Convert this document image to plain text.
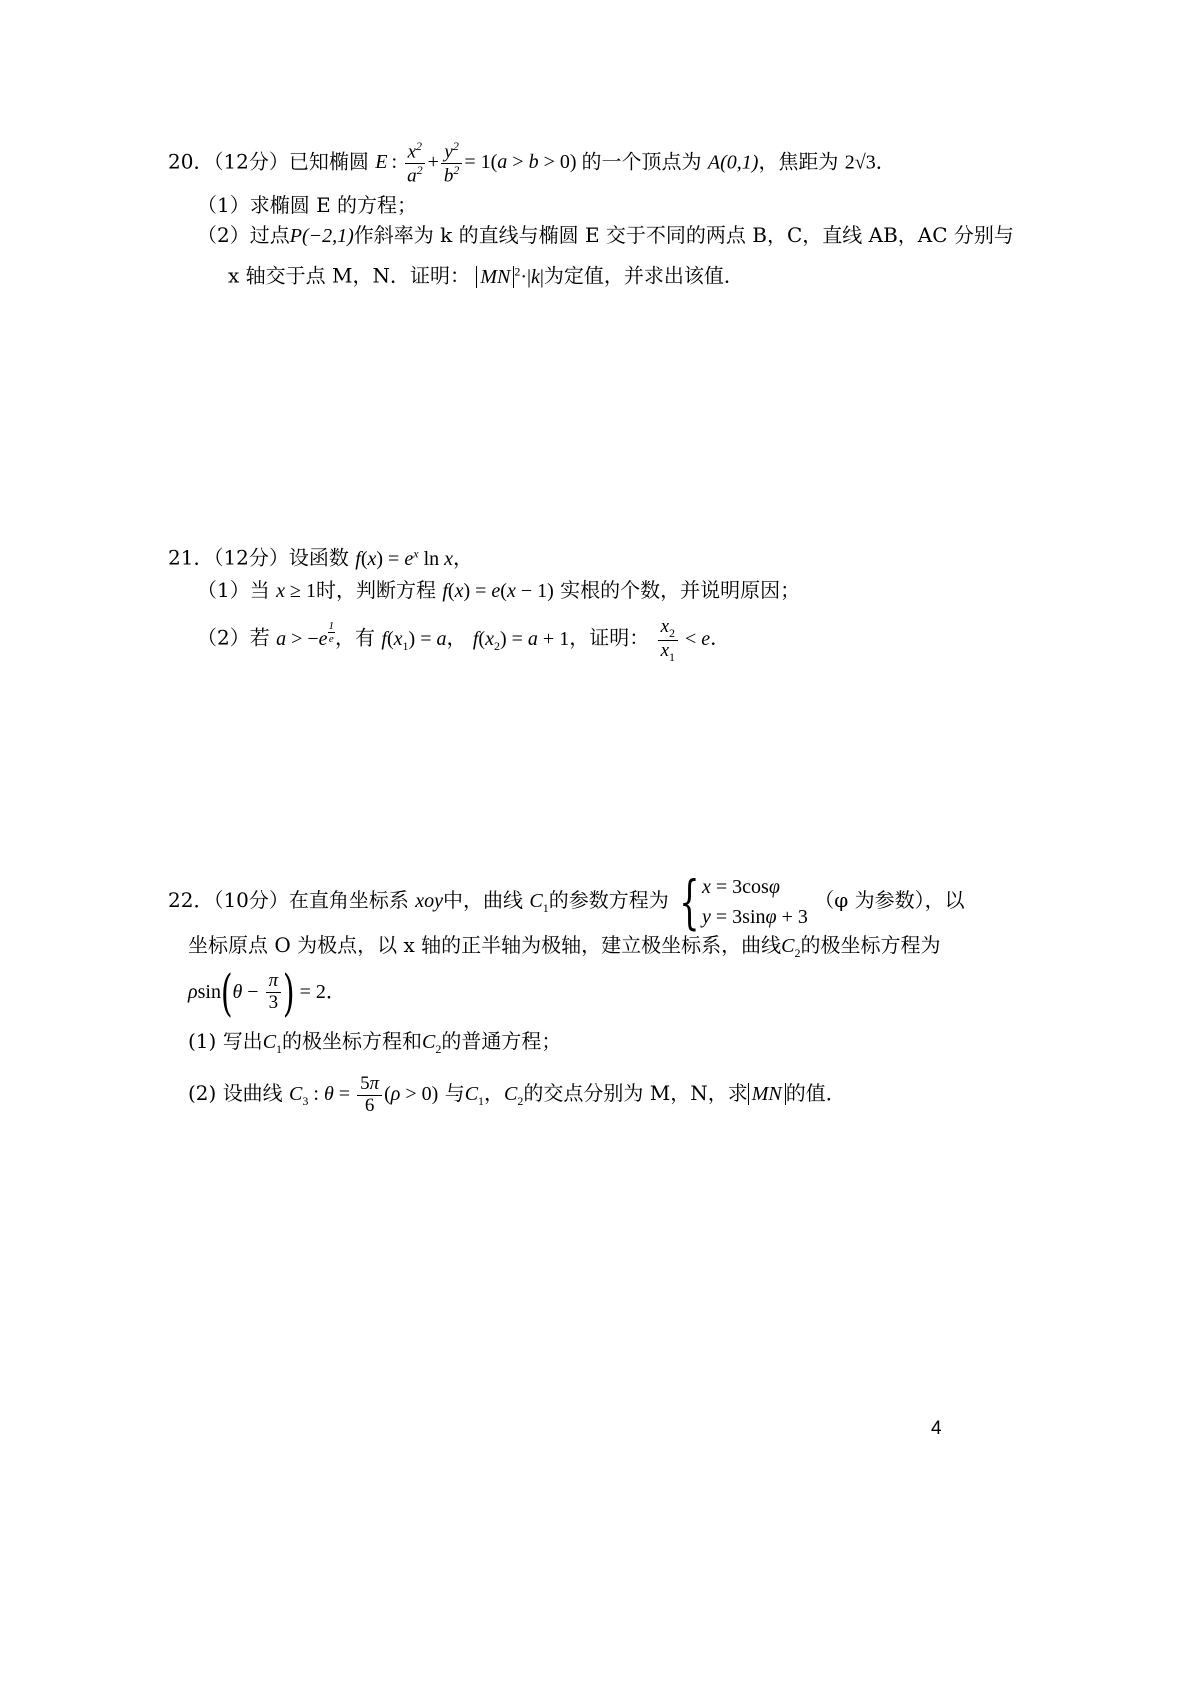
20．（12分）已知椭圆 E : $\frac{x^2}{a^2} + \frac{y^2}{b^2} = 1(a > b > 0)$ 的一个顶点为 A(0,1)，焦距为 2√3．
（1）求椭圆 E 的方程；
（2）过点P(−2,1)作斜率为 k 的直线与椭圆 E 交于不同的两点 B，C，直线 AB，AC 分别与
x 轴交于点 M，N．证明： MN $^2$·|k|为定值，并求出该值．
21．（12分）设函数 $f(x) = e^x$ ln x，
（1）当 x ≥ 1时，判断方程 f(x) = e(x − 1) 实根的个数，并说明原因；
（2）若 a > −e $^{\frac{1}{e}}$ ，有 $f(x_1) = a$， $f(x_2) = a + 1$，证明： $\frac{x_2}{x_1} < e$．
22．（10分）在直角坐标系 xoy中，曲线 $C_1$的参数方程为 { x = 3cosφ
y = 3sinφ + 3
（φ 为参数），以
坐标原点 O 为极点，以 x 轴的正半轴为极轴，建立极坐标系，曲线$C_2$的极坐标方程为
$\rho\sin(\theta - \frac{\pi}{3}$ ) = 2．
(1) 写出$C_1$的极坐标方程和$C_2$的普通方程；
(2) 设曲线 $C_3$ : $\theta = \frac{5\pi}{6} (\rho > 0)$ 与$C_1$，$C_2$的交点分别为 M，N，求 MN 的值．
4
